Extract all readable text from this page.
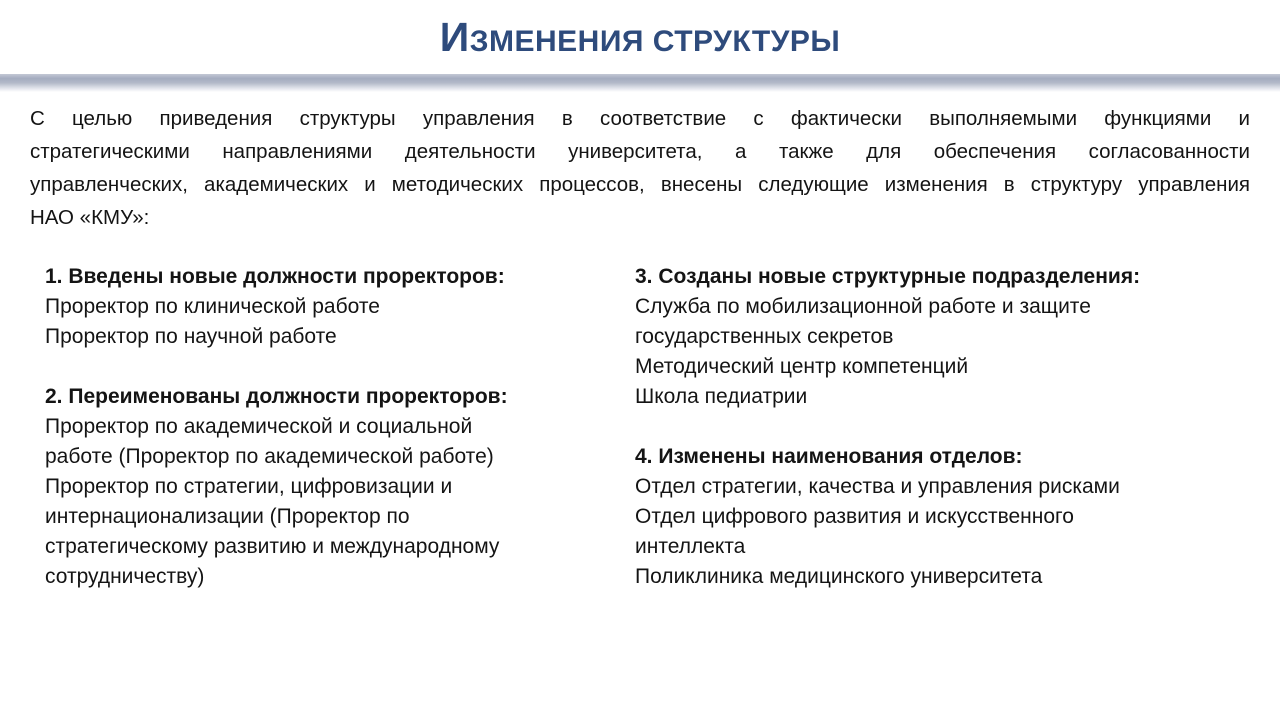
ИЗМЕНЕНИЯ СТРУКТУРЫ
С целью приведения структуры управления в соответствие с фактически выполняемыми функциями и
стратегическими направлениями деятельности университета, а также для обеспечения согласованности
управленческих, академических и методических процессов, внесены следующие изменения в структуру управления
НАО «КМУ»:
1. Введены новые должности проректоров:
Проректор по клинической работе
Проректор по научной работе
2. Переименованы должности проректоров:
Проректор по академической и социальной
работе (Проректор по академической работе)
Проректор по стратегии, цифровизации и
интернационализации (Проректор по
стратегическому развитию и международному
сотрудничеству)
3. Созданы новые структурные подразделения:
Служба по мобилизационной работе и защите
государственных секретов
Методический центр компетенций
Школа педиатрии
4. Изменены наименования отделов:
Отдел стратегии, качества и управления рисками
Отдел цифрового развития и искусственного
интеллекта
Поликлиника медицинского университета
